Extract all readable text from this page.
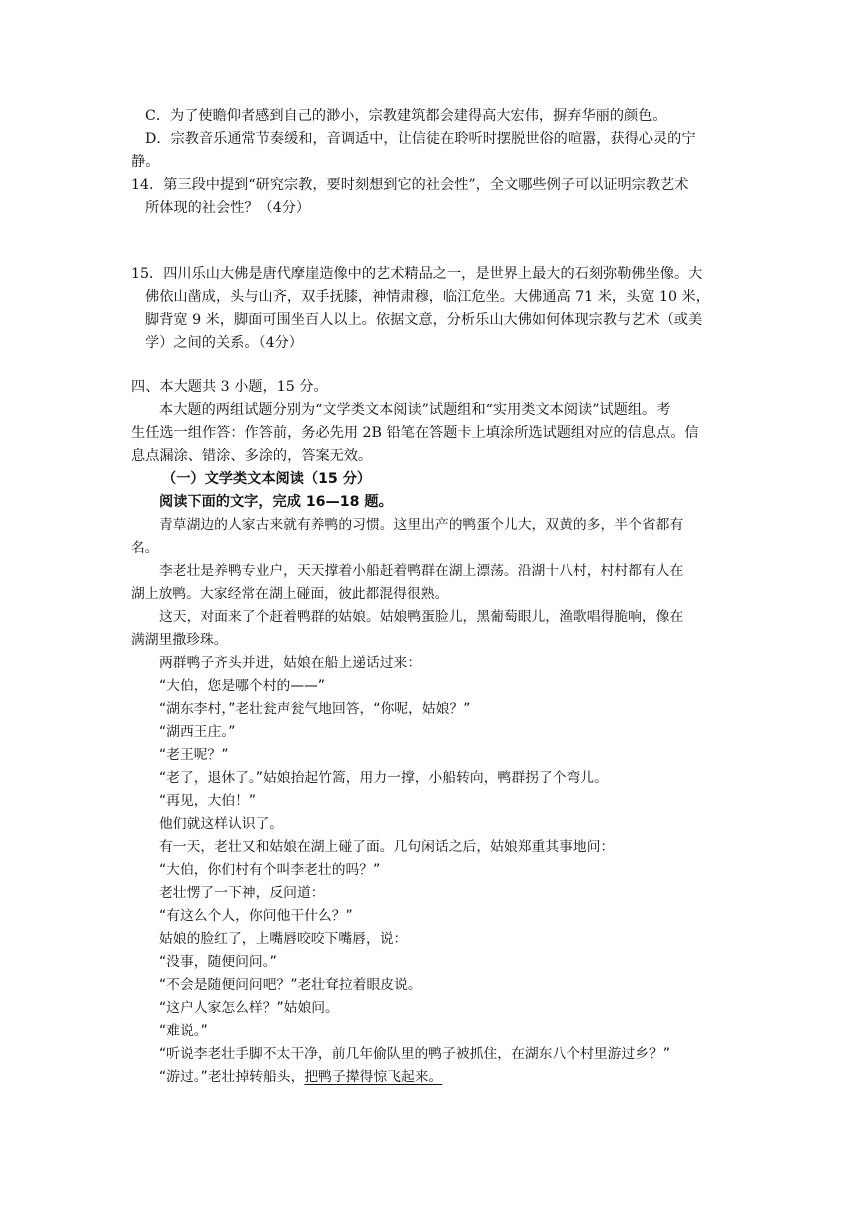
C．为了使瞻仰者感到自己的渺小，宗教建筑都会建得高大宏伟，摒弃华丽的颜色。
D．宗教音乐通常节奏缓和，音调适中，让信徒在聆听时摆脱世俗的喧嚣，获得心灵的宁
静。
14．第三段中提到“研究宗教，要时刻想到它的社会性”，全文哪些例子可以证明宗教艺术
所体现的社会性？（4分）
15．四川乐山大佛是唐代摩崖造像中的艺术精品之一，是世界上最大的石刻弥勒佛坐像。大
佛依山凿成，头与山齐，双手抚膝，神情肃穆，临江危坐。大佛通高 71 米，头宽 10 米，
脚背宽 9 米，脚面可围坐百人以上。依据文意，分析乐山大佛如何体现宗教与艺术（或美
学）之间的关系。（4分）
四、本大题共 3 小题，15 分。
本大题的两组试题分别为“文学类文本阅读”试题组和“实用类文本阅读”试题组。考
生任选一组作答：作答前，务必先用 2B 铅笔在答题卡上填涂所选试题组对应的信息点。信
息点漏涂、错涂、多涂的，答案无效。
（一）文学类文本阅读（15 分）
阅读下面的文字，完成 16—18 题。
青草湖边的人家古来就有养鸭的习惯。这里出产的鸭蛋个儿大，双黄的多，半个省都有
名。
李老壮是养鸭专业户，天天撑着小船赶着鸭群在湖上漂荡。沿湖十八村，村村都有人在
湖上放鸭。大家经常在湖上碰面，彼此都混得很熟。
这天，对面来了个赶着鸭群的姑娘。姑娘鸭蛋脸儿，黑葡萄眼儿，渔歌唱得脆响，像在
满湖里撒珍珠。
两群鸭子齐头并进，姑娘在船上递话过来：
“大伯，您是哪个村的——”
“湖东李村，”老壮瓮声瓮气地回答，“你呢，姑娘？”
“湖西王庄。”
“老王呢？”
“老了，退休了。”姑娘抬起竹篙，用力一撑，小船转向，鸭群拐了个弯儿。
“再见，大伯！”
他们就这样认识了。
有一天，老壮又和姑娘在湖上碰了面。几句闲话之后，姑娘郑重其事地问：
“大伯，你们村有个叫李老壮的吗？”
老壮愣了一下神，反问道：
“有这么个人，你问他干什么？”
姑娘的脸红了，上嘴唇咬咬下嘴唇，说：
“没事，随便问问。”
“不会是随便问问吧？”老壮耷拉着眼皮说。
“这户人家怎么样？”姑娘问。
“难说。”
“听说李老壮手脚不太干净，前几年偷队里的鸭子被抓住，在湖东八个村里游过乡？”
“游过。”老壮掉转船头，把鸭子撵得惊飞起来。
